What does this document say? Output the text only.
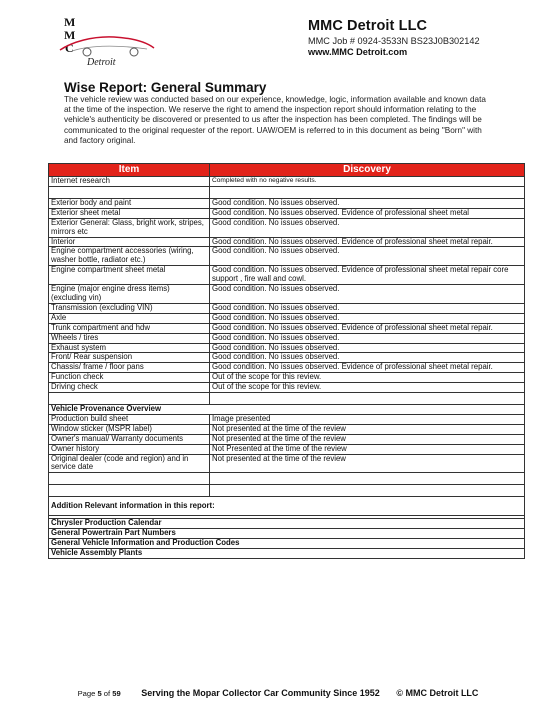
M
M
C
Detroit
MMC Detroit LLC
MMC Job # 0924-3533N BS23J0B302142
www.MMC Detroit.com
Wise Report: General Summary
The vehicle review was conducted based on our experience, knowledge, logic, information available and known data at the time of the inspection. We reserve the right to amend the inspection report should information relating to the vehicle's authenticity be discovered or presented to us after the inspection has been completed. The findings will be communicated to the original requester of the report. UAW/OEM is referred to in this document as being "Born" with and factory original.
Item	Discovery
Internet research	Completed with no negative results.

Exterior body and paint	Good condition. No issues observed.
Exterior sheet metal	Good condition. No issues observed. Evidence of professional sheet metal
Exterior General: Glass, bright work, stripes, mirrors etc	Good condition. No issues observed.
Interior	Good condition. No issues observed. Evidence of professional sheet metal repair.
Engine compartment accessories (wiring, washer bottle, radiator etc.)	Good condition. No issues observed.
Engine compartment sheet metal	Good condition. No issues observed. Evidence of professional sheet metal repair core support , fire wall and cowl.
Engine (major engine dress items) (excluding vin)	Good condition. No issues observed.
Transmission (excluding VIN)	Good condition. No issues observed.
Axle	Good condition. No issues observed.
Trunk compartment and hdw	Good condition. No issues observed. Evidence of professional sheet metal repair.
Wheels / tires	Good condition. No issues observed.
Exhaust system	Good condition. No issues observed.
Front/ Rear suspension	Good condition. No issues observed.
Chassis/ frame / floor pans	Good condition. No issues observed. Evidence of professional sheet metal repair.
Function check	Out of the scope for this review.
Driving check	Out of the scope for this review.

Vehicle Provenance Overview	
Production build sheet	Image presented
Window sticker (MSPR label)	Not presented at the time of the review
Owner's manual/ Warranty documents	Not presented at the time of the review
Owner history	Not Presented at the time of the review
Original dealer (code and region) and in service date	Not presented at the time of the review

Addition Relevant information in this report:	

Chrysler Production Calendar	
General Powertrain Part Numbers	
General Vehicle Information and Production Codes	
Vehicle Assembly Plants	
Page 5 of 59 Serving the Mopar Collector Car Community Since 1952 © MMC Detroit LLC
